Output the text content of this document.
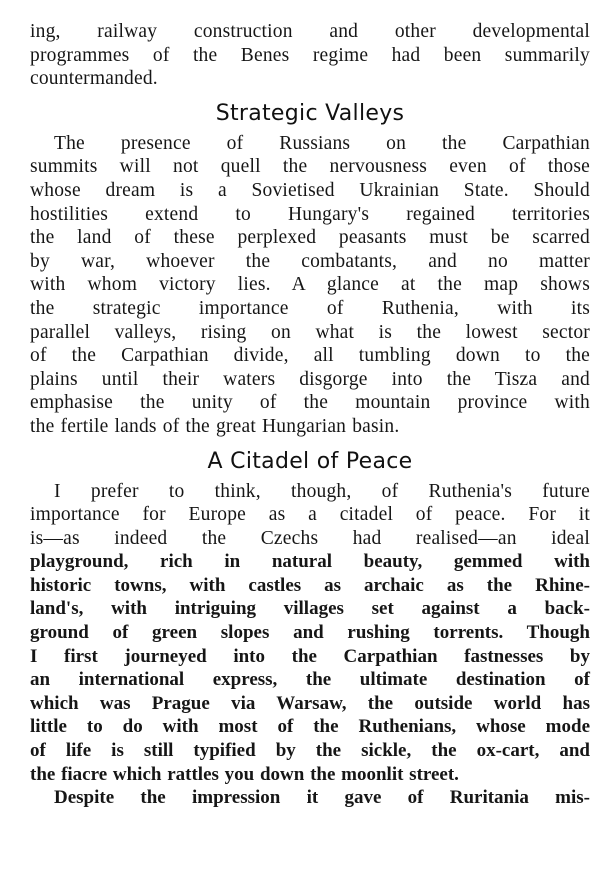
ing, railway construction and other developmental
programmes of the Benes regime had been summarily
countermanded.
Strategic Valleys
The presence of Russians on the Carpathian
summits will not quell the nervousness even of those
whose dream is a Sovietised Ukrainian State. Should
hostilities extend to Hungary's regained territories
the land of these perplexed peasants must be scarred
by war, whoever the combatants, and no matter
with whom victory lies. A glance at the map shows
the strategic importance of Ruthenia, with its
parallel valleys, rising on what is the lowest sector
of the Carpathian divide, all tumbling down to the
plains until their waters disgorge into the Tisza and
emphasise the unity of the mountain province with
the fertile lands of the great Hungarian basin.
A Citadel of Peace
I prefer to think, though, of Ruthenia's future
importance for Europe as a citadel of peace. For it
is—as indeed the Czechs had realised—an ideal
playground, rich in natural beauty, gemmed with
historic towns, with castles as archaic as the Rhine-
land's, with intriguing villages set against a back-
ground of green slopes and rushing torrents. Though
I first journeyed into the Carpathian fastnesses by
an international express, the ultimate destination of
which was Prague via Warsaw, the outside world has
little to do with most of the Ruthenians, whose mode
of life is still typified by the sickle, the ox-cart, and
the fiacre which rattles you down the moonlit street.
Despite the impression it gave of Ruritania mis-
